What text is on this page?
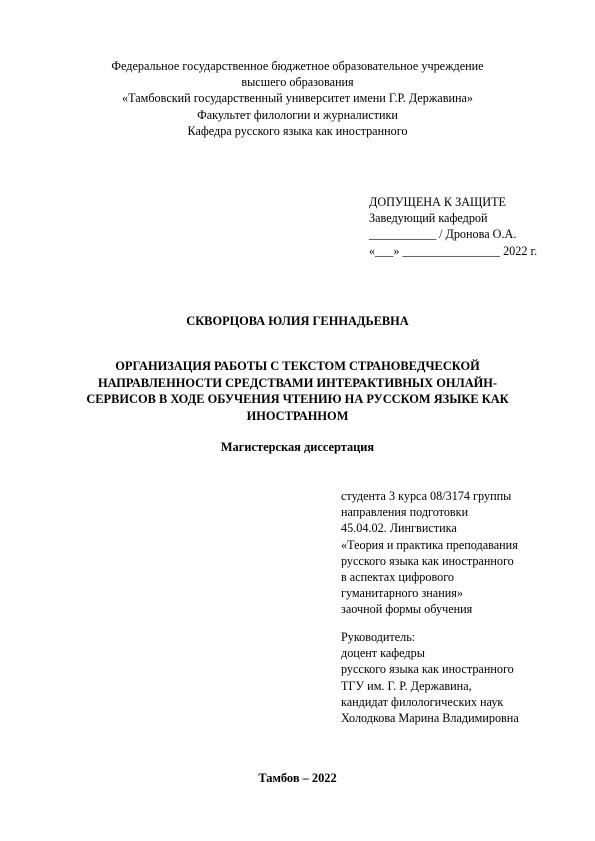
Федеральное государственное бюджетное образовательное учреждение
высшего образования
«Тамбовский государственный университет имени Г.Р. Державина»
Факультет филологии и журналистики
Кафедра русского языка как иностранного
ДОПУЩЕНА К ЗАЩИТЕ
Заведующий кафедрой
___________ / Дронова О.А.
«___» ________________ 2022 г.
СКВОРЦОВА ЮЛИЯ ГЕННАДЬЕВНА
ОРГАНИЗАЦИЯ РАБОТЫ С ТЕКСТОМ СТРАНОВЕДЧЕСКОЙ
НАПРАВЛЕННОСТИ СРЕДСТВАМИ ИНТЕРАКТИВНЫХ ОНЛАЙН-
СЕРВИСОВ В ХОДЕ ОБУЧЕНИЯ ЧТЕНИЮ НА РУССКОМ ЯЗЫКЕ КАК
ИНОСТРАННОМ
Магистерская диссертация
студента 3 курса 08/3174 группы
направления подготовки
45.04.02. Лингвистика
«Теория и практика преподавания
русского языка как иностранного
в аспектах цифрового
гуманитарного знания»
заочной формы обучения
Руководитель:
доцент кафедры
русского языка как иностранного
ТГУ им. Г. Р. Державина,
кандидат филологических наук
Холодкова Марина Владимировна
Тамбов – 2022
